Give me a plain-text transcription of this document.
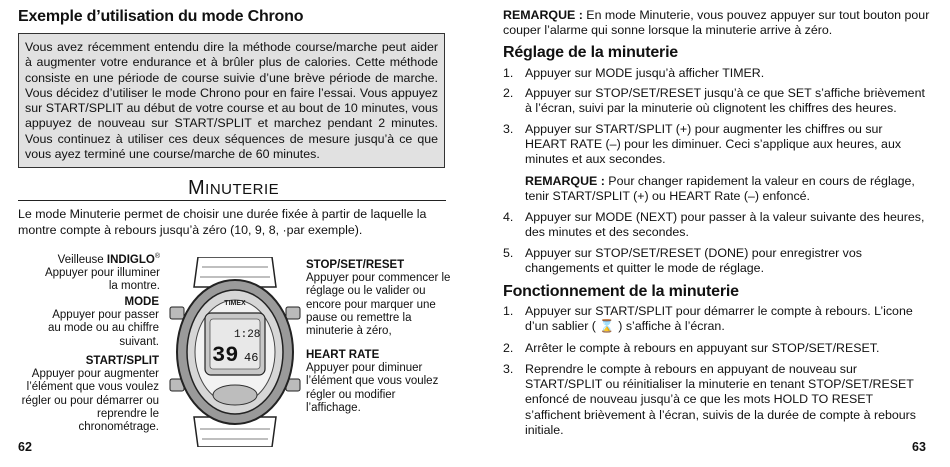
Exemple d’utilisation du mode Chrono
Vous avez récemment entendu dire la méthode course/marche peut aider à augmenter votre endurance et à brûler plus de calories. Cette méthode consiste en une période de course suivie d’une brève période de marche. Vous décidez d’utiliser le mode Chrono pour en faire l’essai. Vous appuyez sur START/SPLIT au début de votre course et au bout de 10 minutes, vous appuyez de nouveau sur START/SPLIT et marchez pendant 2 minutes. Vous continuez à utiliser ces deux séquences de mesure jusqu’à ce que vous ayez terminé une course/marche de 60 minutes.
MINUTERIE
Le mode Minuterie permet de choisir une durée fixée à partir de laquelle la montre compte à rebours jusqu’à zéro (10, 9, 8, ·par exemple).
Veilleuse INDIGLO®
Appuyer pour illuminer la montre.
MODE
Appuyer pour passer au mode ou au chiffre suivant.
START/SPLIT
Appuyer pour augmenter l’élément que vous voulez régler ou pour démarrer ou reprendre le chronométrage.
STOP/SET/RESET
Appuyer pour commencer le réglage ou le valider ou encore pour marquer une pause ou remettre la minuterie à zéro,
HEART RATE
Appuyer pour diminuer l’élément que vous voulez régler ou modifier l’affichage.
TIMEX
1:28
39 46
62
REMARQUE : En mode Minuterie, vous pouvez appuyer sur tout bouton pour couper l’alarme qui sonne lorsque la minuterie arrive à zéro.
Réglage de la minuterie
1. Appuyer sur MODE jusqu’à afficher TIMER.
2. Appuyer sur STOP/SET/RESET jusqu’à ce que SET s’affiche brièvement à l’écran, suivi par la minuterie où clignotent les chiffres des heures.
3. Appuyer sur START/SPLIT (+) pour augmenter les chiffres ou sur HEART RATE (–) pour les diminuer. Ceci s’applique aux heures, aux minutes et aux secondes.
REMARQUE : Pour changer rapidement la valeur en cours de réglage, tenir START/SPLIT (+) ou HEART Rate (–) enfoncé.
4. Appuyer sur MODE (NEXT) pour passer à la valeur suivante des heures, des minutes et des secondes.
5. Appuyer sur STOP/SET/RESET (DONE) pour enregistrer vos changements et quitter le mode de réglage.
Fonctionnement de la minuterie
1. Appuyer sur START/SPLIT pour démarrer le compte à rebours. L’icone d’un sablier ( ⌛ ) s’affiche à l’écran.
2. Arrêter le compte à rebours en appuyant sur STOP/SET/RESET.
3. Reprendre le compte à rebours en appuyant de nouveau sur START/SPLIT ou réinitialiser la minuterie en tenant STOP/SET/RESET enfoncé de nouveau jusqu’à ce que les mots HOLD TO RESET s’affichent brièvement à l’écran, suivis de la durée de compte à rebours initiale.
63
